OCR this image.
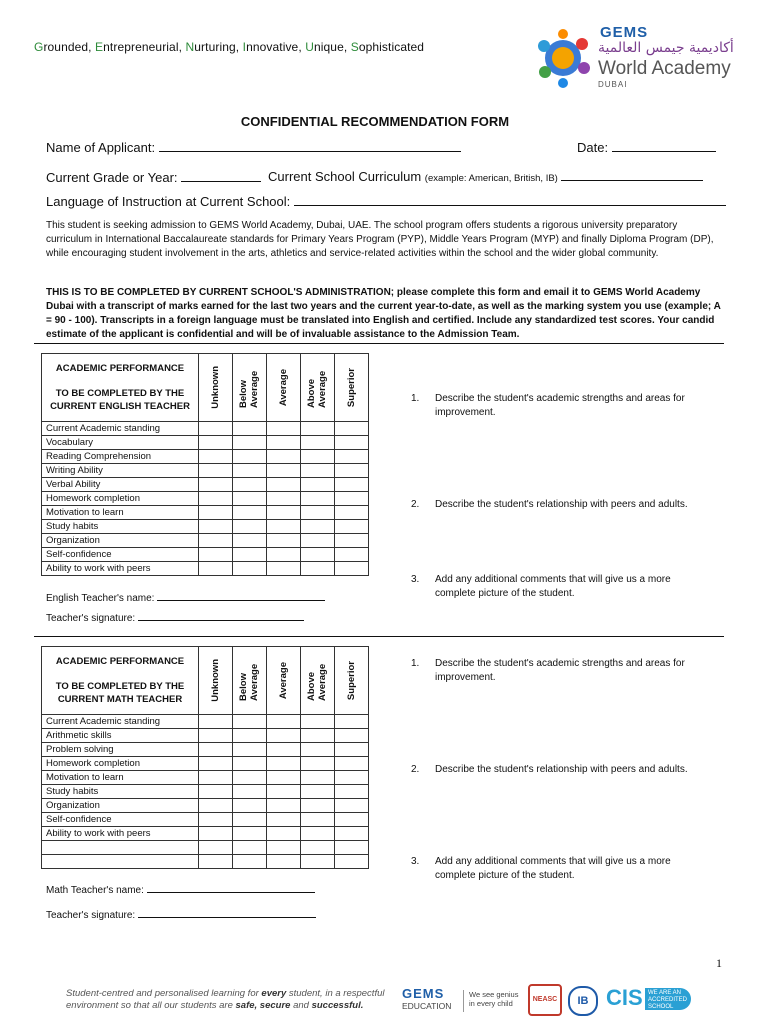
Grounded, Entrepreneurial, Nurturing, Innovative, Unique, Sophisticated
GEMS
أكاديمية جيمس العالمية
World Academy
DUBAI
CONFIDENTIAL RECOMMENDATION FORM
Name of Applicant:	Date:
Current Grade or Year:	Current School Curriculum (example: American, British, IB)
Language of Instruction at Current School:
This student is seeking admission to GEMS World Academy, Dubai, UAE. The school program offers students a rigorous university preparatory curriculum in International Baccalaureate standards for Primary Years Program (PYP), Middle Years Program (MYP) and finally Diploma Program (DP), while encouraging student involvement in the arts, athletics and service-related activities within the school and the wider global community.
THIS IS TO BE COMPLETED BY CURRENT SCHOOL'S ADMINISTRATION; please complete this form and email it to GEMS World Academy Dubai with a transcript of marks earned for the last two years and the current year-to-date, as well as the marking system you use (example; A = 90 - 100). Transcripts in a foreign language must be translated into English and certified. Include any standardized test scores. Your candid estimate of the applicant is confidential and will be of invaluable assistance to the Admission Team.
ACADEMIC PERFORMANCE
TO BE COMPLETED BY THE CURRENT ENGLISH TEACHER	Unknown	Below Average	Average	Above Average	Superior

Current Academic standing					
Vocabulary					
Reading Comprehension					
Writing Ability					
Verbal Ability					
Homework completion					
Motivation to learn					
Study habits					
Organization					
Self-confidence					
Ability to work with peers					
1. Describe the student's academic strengths and areas for improvement.
2. Describe the student's relationship with peers and adults.
3. Add any additional comments that will give us a more complete picture of the student.
English Teacher's name:
Teacher's signature:
ACADEMIC PERFORMANCE
TO BE COMPLETED BY THE CURRENT MATH TEACHER	Unknown	Below Average	Average	Above Average	Superior

Current Academic standing					
Arithmetic skills					
Problem solving					
Homework completion					
Motivation to learn					
Study habits					
Organization					
Self-confidence					
Ability to work with peers					

1. Describe the student's academic strengths and areas for improvement.
2. Describe the student's relationship with peers and adults.
3. Add any additional comments that will give us a more complete picture of the student.
Math Teacher's name:
Teacher's signature:
1
Student-centred and personalised learning for every student, in a respectful environment so that all our students are safe, secure and successful.
GEMS
EDUCATION
We see genius in every child	NEASC	IB CIS WE ARE AN ACCREDITED SCHOOL
